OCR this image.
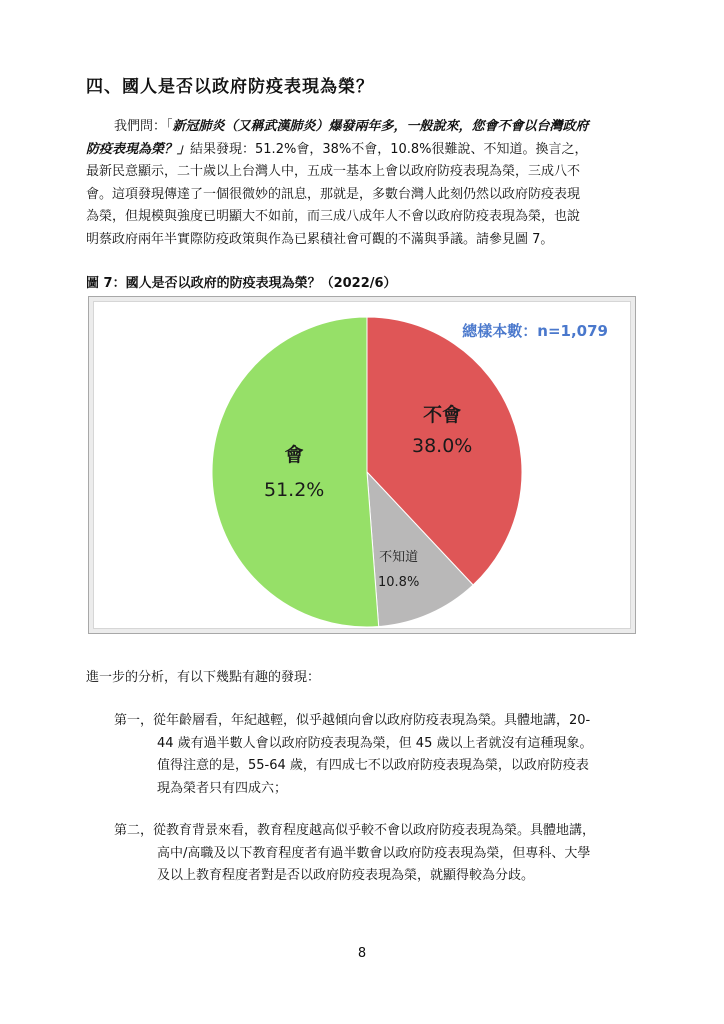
四、國人是否以政府防疫表現為榮？
我們問：「新冠肺炎（又稱武漢肺炎）爆發兩年多，一般說來，您會不會以台灣政府
防疫表現為榮？」結果發現：51.2%會，38%不會，10.8%很難說、不知道。換言之，
最新民意顯示，二十歲以上台灣人中，五成一基本上會以政府防疫表現為榮，三成八不
會。這項發現傳達了一個很微妙的訊息，那就是，多數台灣人此刻仍然以政府防疫表現
為榮，但規模與強度已明顯大不如前，而三成八成年人不會以政府防疫表現為榮，也說
明蔡政府兩年半實際防疫政策與作為已累積社會可觀的不滿與爭議。請參見圖 7。
圖 7：國人是否以政府的防疫表現為榮？（2022/6）
總樣本數：n=1,079
不會
38.0%
不知道
10.8%
會
51.2%
進一步的分析，有以下幾點有趣的發現：
第一，從年齡層看，年紀越輕，似乎越傾向會以政府防疫表現為榮。具體地講，20-
44 歲有過半數人會以政府防疫表現為榮，但 45 歲以上者就沒有這種現象。
值得注意的是，55-64 歲，有四成七不以政府防疫表現為榮，以政府防疫表
現為榮者只有四成六；
第二，從教育背景來看，教育程度越高似乎較不會以政府防疫表現為榮。具體地講，
高中/高職及以下教育程度者有過半數會以政府防疫表現為榮，但專科、大學
及以上教育程度者對是否以政府防疫表現為榮，就顯得較為分歧。
8
